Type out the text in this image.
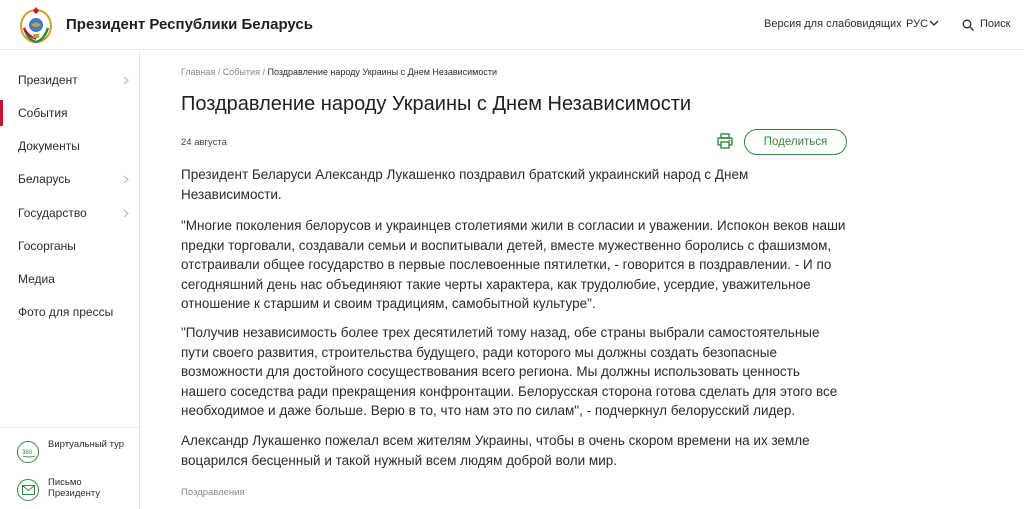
Президент Республики Беларусь	Версия для слабовидящих РУС	Поиск
Президент
События
Документы
Беларусь
Государство
Госорганы
Медиа
Фото для прессы
360
Виртуальный тур
Письмо Президенту
Главная / События / Поздравление народу Украины с Днем Независимости
Поздравление народу Украины с Днем Независимости
24 августа	Поделиться

Президент Беларуси Александр Лукашенко поздравил братский украинский народ с Днем Независимости.

"Многие поколения белорусов и украинцев столетиями жили в согласии и уважении. Испокон веков наши предки торговали, создавали семьи и воспитывали детей, вместе мужественно боролись с фашизмом, отстраивали общее государство в первые послевоенные пятилетки, - говорится в поздравлении. - И по сегодняшний день нас объединяют такие черты характера, как трудолюбие, усердие, уважительное отношение к старшим и своим традициям, самобытной культуре".

"Получив независимость более трех десятилетий тому назад, обе страны выбрали самостоятельные пути своего развития, строительства будущего, ради которого мы должны создать безопасные возможности для достойного сосуществования всего региона. Мы должны использовать ценность нашего соседства ради прекращения конфронтации. Белорусская сторона готова сделать для этого все необходимое и даже больше. Верю в то, что нам это по силам", - подчеркнул белорусский лидер.

Александр Лукашенко пожелал всем жителям Украины, чтобы в очень скором времени на их земле воцарился бесценный и такой нужный всем людям доброй воли мир.

Поздравления
